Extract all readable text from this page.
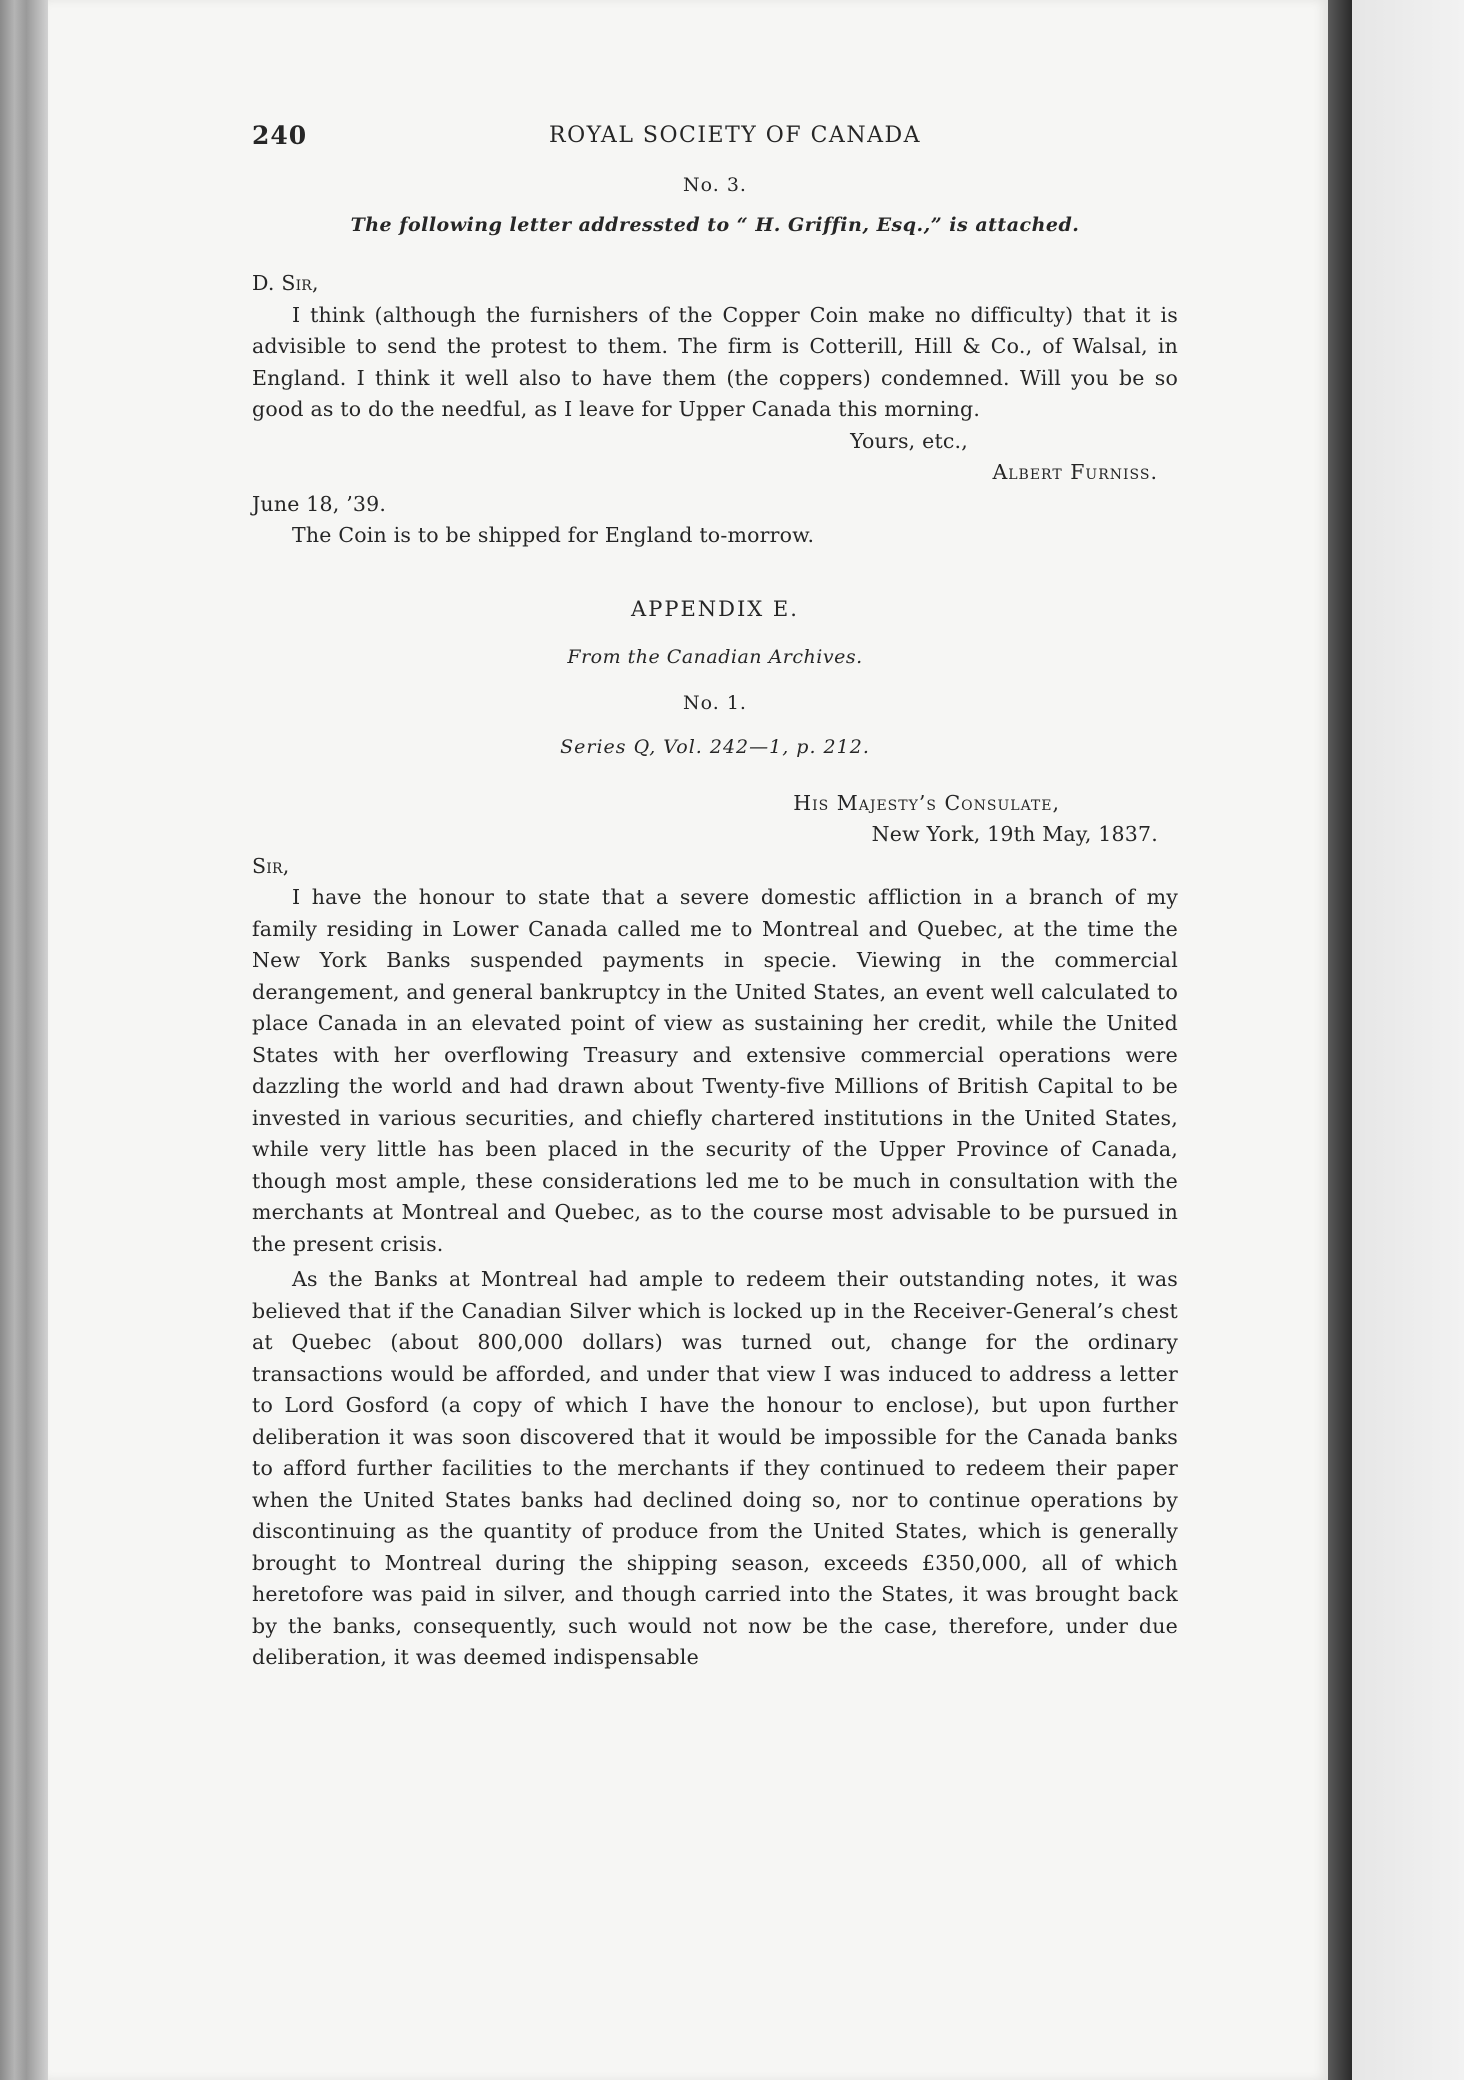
240	ROYAL SOCIETY OF CANADA
No. 3.
The following letter addressted to “ H. Griffin, Esq.,” is attached.

D. Sir,

I think (although the furnishers of the Copper Coin make no difficulty) that it is advisible to send the protest to them. The firm is Cotterill, Hill & Co., of Walsal, in England. I think it well also to have them (the coppers) condemned. Will you be so good as to do the needful, as I leave for Upper Canada this morning.

Yours, etc.,
Albert Furniss.

June 18, ’39.

The Coin is to be shipped for England to-morrow.

APPENDIX E.
From the Canadian Archives.
No. 1.
Series Q, Vol. 242—1, p. 212.
His Majesty’s Consulate,
New York, 19th May, 1837.

Sir,

I have the honour to state that a severe domestic affliction in a branch of my family residing in Lower Canada called me to Montreal and Quebec, at the time the New York Banks suspended payments in specie. Viewing in the commercial derangement, and general bankruptcy in the United States, an event well calculated to place Canada in an elevated point of view as sustaining her credit, while the United States with her overflowing Treasury and extensive commercial operations were dazzling the world and had drawn about Twenty-five Millions of British Capital to be invested in various securities, and chiefly chartered institutions in the United States, while very little has been placed in the security of the Upper Province of Canada, though most ample, these considerations led me to be much in consultation with the merchants at Montreal and Quebec, as to the course most advisable to be pursued in the present crisis.

As the Banks at Montreal had ample to redeem their outstanding notes, it was believed that if the Canadian Silver which is locked up in the Receiver-General’s chest at Quebec (about 800,000 dollars) was turned out, change for the ordinary transactions would be afforded, and under that view I was induced to address a letter to Lord Gosford (a copy of which I have the honour to enclose), but upon further deliberation it was soon discovered that it would be impossible for the Canada banks to afford further facilities to the merchants if they continued to redeem their paper when the United States banks had declined doing so, nor to continue operations by discontinuing as the quantity of produce from the United States, which is generally brought to Montreal during the shipping season, exceeds £350,000, all of which heretofore was paid in silver, and though carried into the States, it was brought back by the banks, consequently, such would not now be the case, therefore, under due deliberation, it was deemed indispensable
